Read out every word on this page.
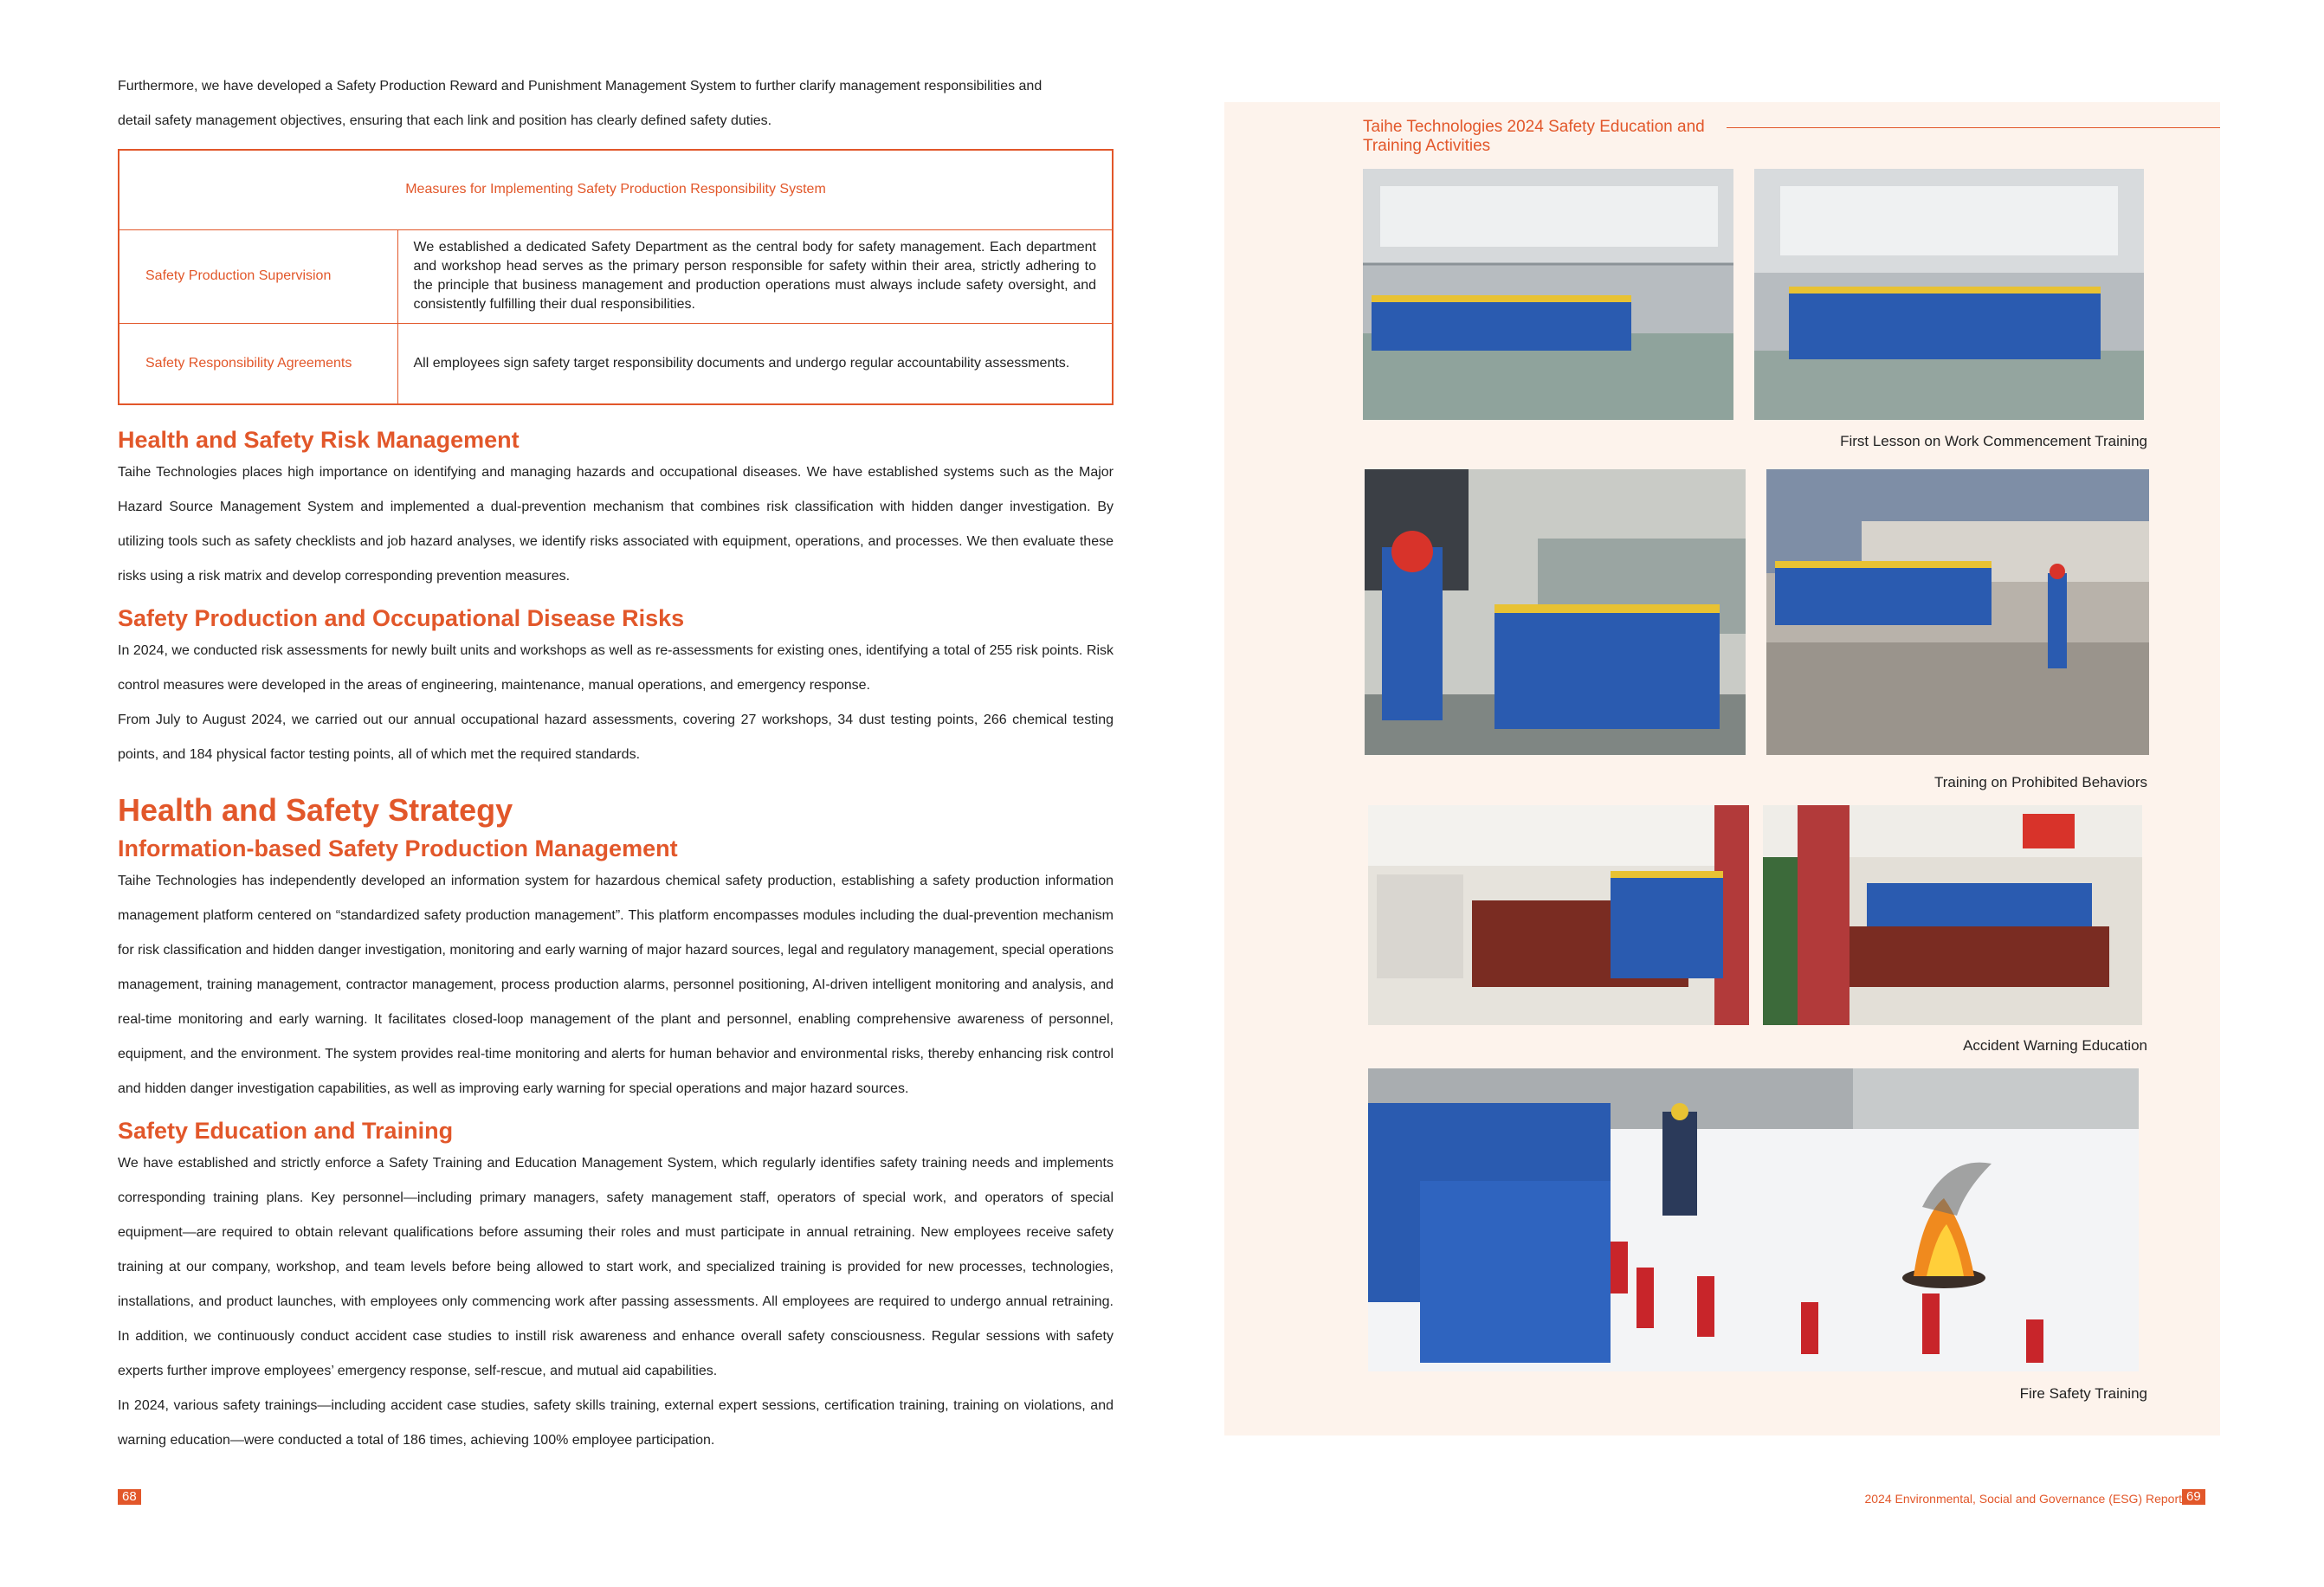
Furthermore, we have developed a Safety Production Reward and Punishment Management System to further clarify management responsibilities and

detail safety management objectives, ensuring that each link and position has clearly defined safety duties.

Measures for Implementing Safety Production Responsibility System	
Safety Production Supervision	We established a dedicated Safety Department as the central body for safety management. Each department and workshop head serves as the primary person responsible for safety within their area, strictly adhering to the principle that business management and production operations must always include safety oversight, and consistently fulfilling their dual responsibilities.
Safety Responsibility Agreements	All employees sign safety target responsibility documents and undergo regular accountability assessments.
Health and Safety Risk Management

Taihe Technologies places high importance on identifying and managing hazards and occupational diseases. We have established systems such as the Major Hazard Source Management System and implemented a dual-prevention mechanism that combines risk classification with hidden danger investigation. By utilizing tools such as safety checklists and job hazard analyses, we identify risks associated with equipment, operations, and processes. We then evaluate these risks using a risk matrix and develop corresponding prevention measures.

Safety Production and Occupational Disease Risks

In 2024, we conducted risk assessments for newly built units and workshops as well as re-assessments for existing ones, identifying a total of 255 risk points. Risk control measures were developed in the areas of engineering, maintenance, manual operations, and emergency response.

From July to August 2024, we carried out our annual occupational hazard assessments, covering 27 workshops, 34 dust testing points, 266 chemical testing points, and 184 physical factor testing points, all of which met the required standards.

Health and Safety Strategy
Information-based Safety Production Management

Taihe Technologies has independently developed an information system for hazardous chemical safety production, establishing a safety production information management platform centered on “standardized safety production management”. This platform encompasses modules including the dual-prevention mechanism for risk classification and hidden danger investigation, monitoring and early warning of major hazard sources, legal and regulatory management, special operations management, training management, contractor management, process production alarms, personnel positioning, AI-driven intelligent monitoring and analysis, and real-time monitoring and early warning. It facilitates closed-loop management of the plant and personnel, enabling comprehensive awareness of personnel, equipment, and the environment. The system provides real-time monitoring and alerts for human behavior and environmental risks, thereby enhancing risk control and hidden danger investigation capabilities, as well as improving early warning for special operations and major hazard sources.

Safety Education and Training

We have established and strictly enforce a Safety Training and Education Management System, which regularly identifies safety training needs and implements corresponding training plans. Key personnel—including primary managers, safety management staff, operators of special work, and operators of special equipment—are required to obtain relevant qualifications before assuming their roles and must participate in annual retraining. New employees receive safety training at our company, workshop, and team levels before being allowed to start work, and specialized training is provided for new processes, technologies, installations, and product launches, with employees only commencing work after passing assessments. All employees are required to undergo annual retraining. In addition, we continuously conduct accident case studies to instill risk awareness and enhance overall safety consciousness. Regular sessions with safety experts further improve employees’ emergency response, self-rescue, and mutual aid capabilities.

In 2024, various safety trainings—including accident case studies, safety skills training, external expert sessions, certification training, training on violations, and warning education—were conducted a total of 186 times, achieving 100% employee participation.

68
Taihe Technologies 2024 Safety Education and Training Activities
First Lesson on Work Commencement Training
Training on Prohibited Behaviors
Accident Warning Education
Fire Safety Training
2024 Environmental, Social and Governance (ESG) Report 69
